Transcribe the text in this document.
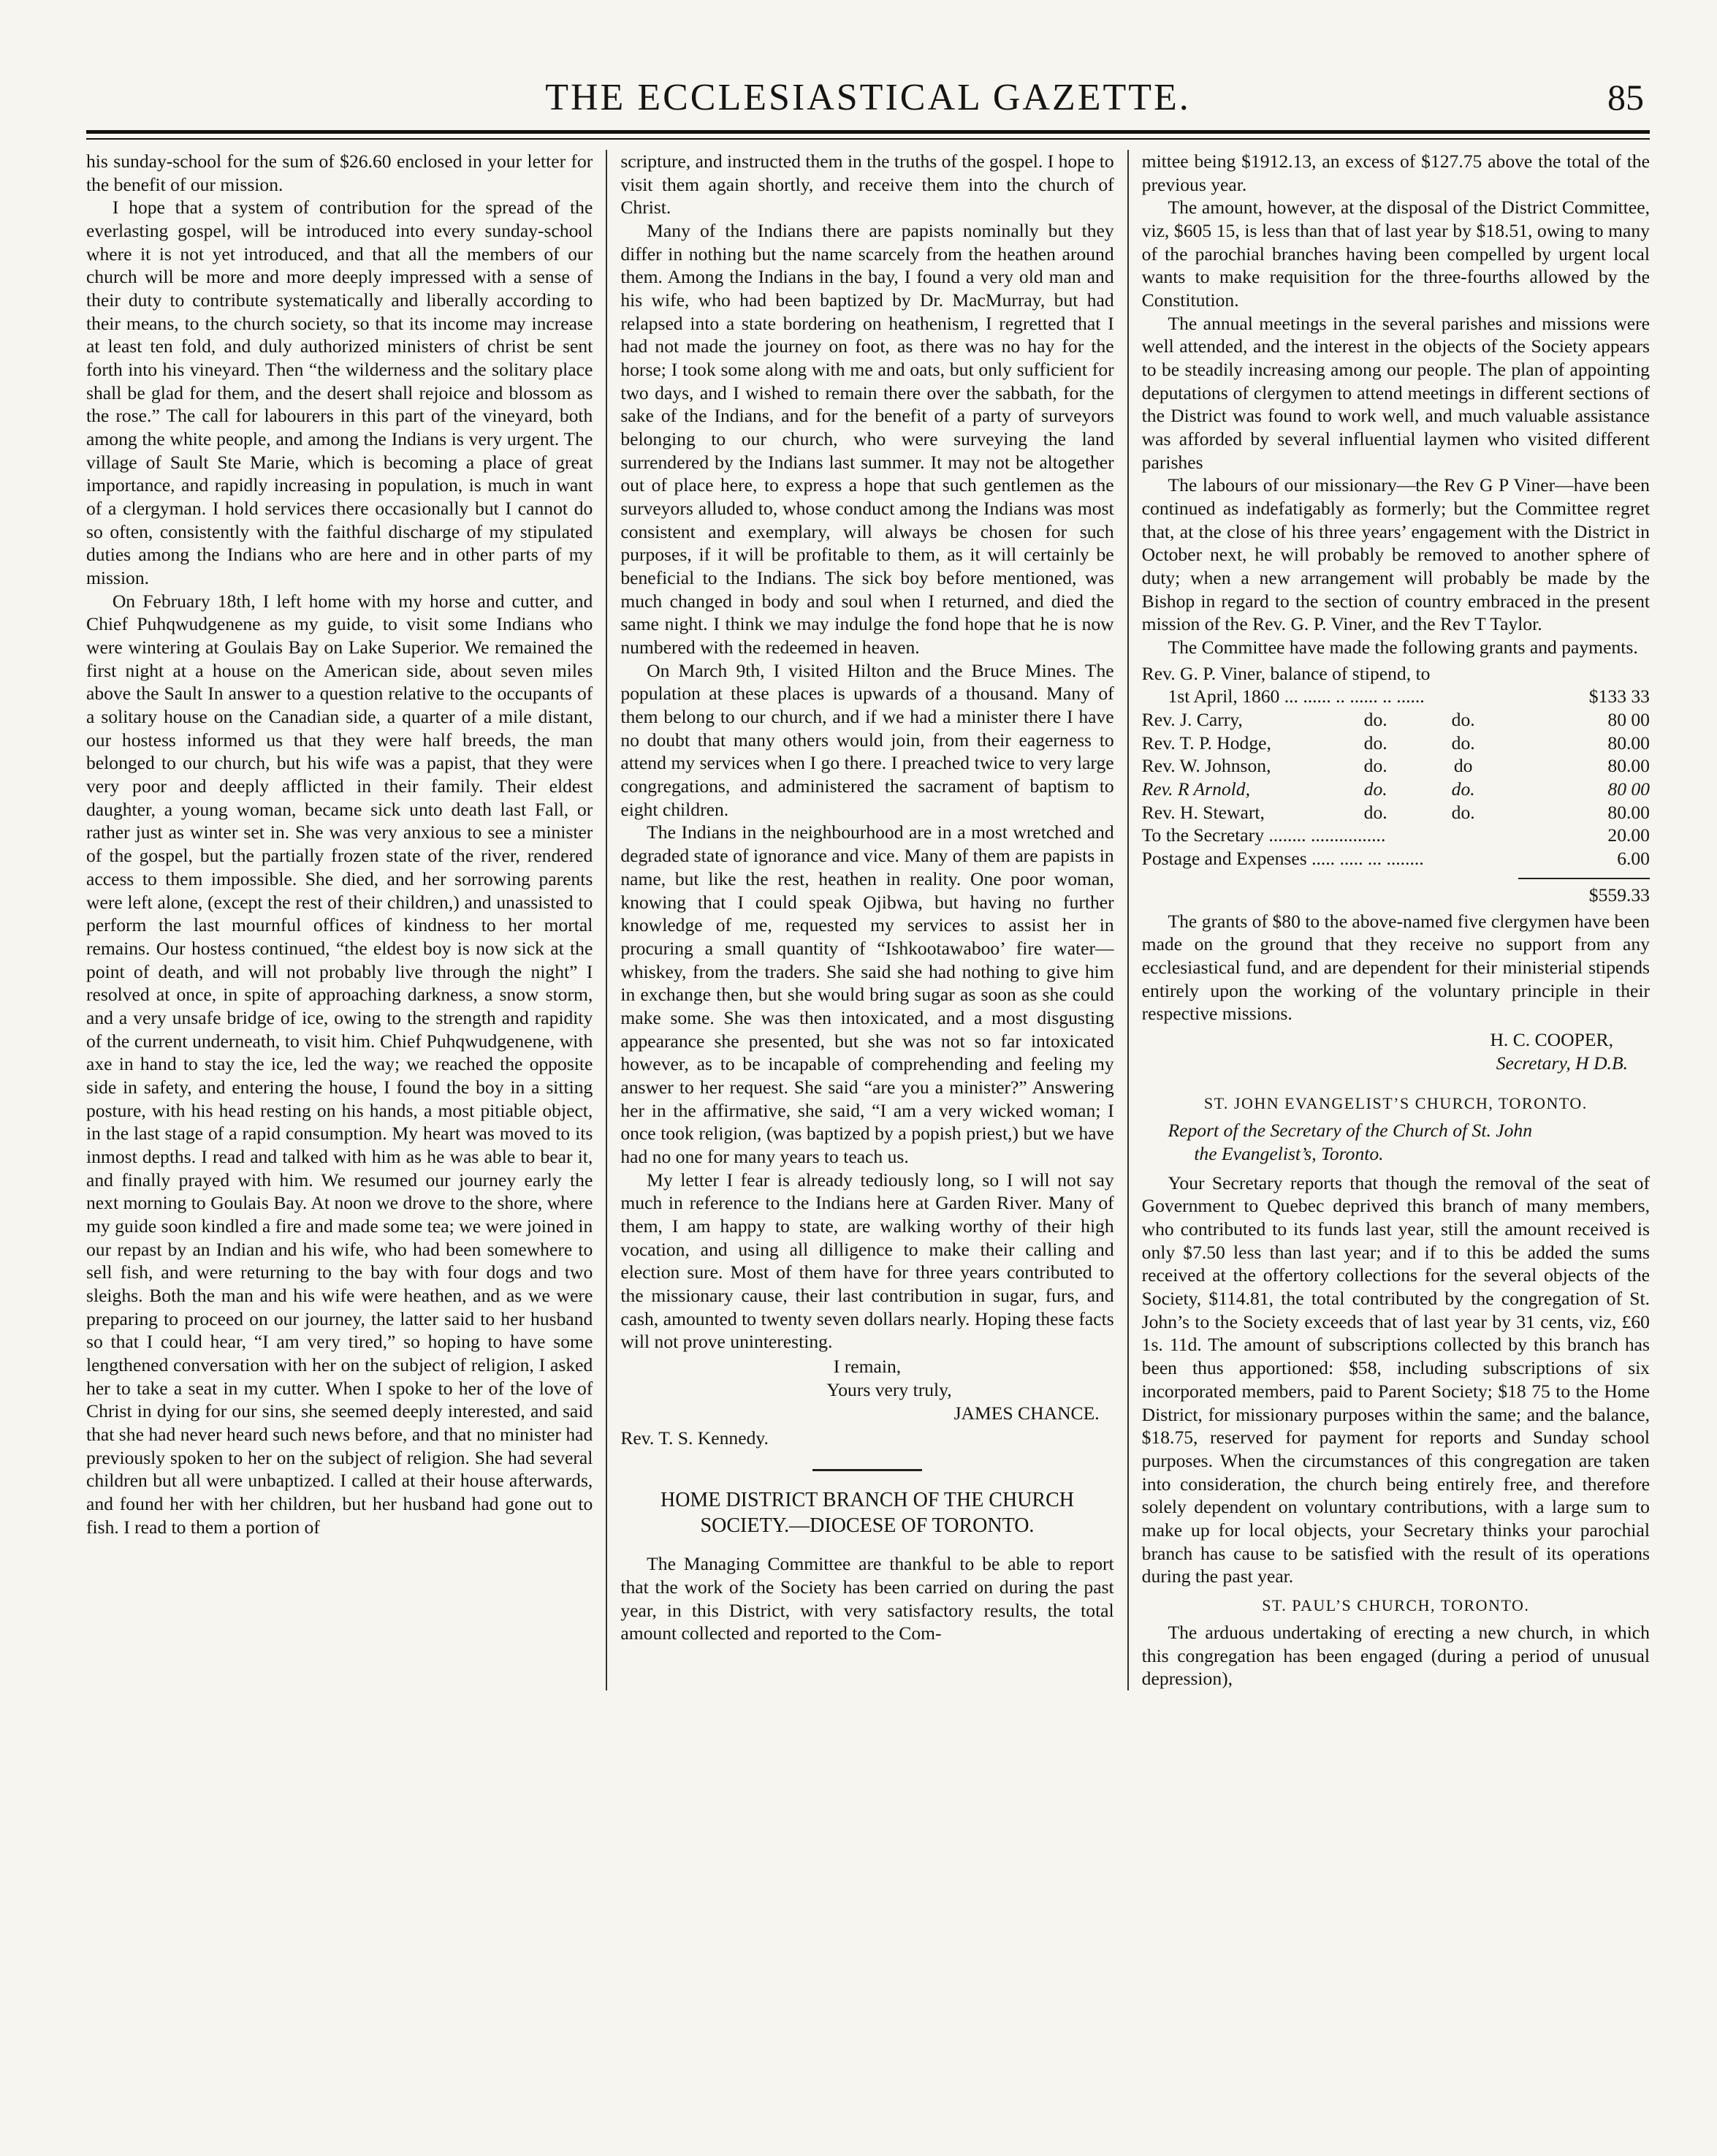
THE ECCLESIASTICAL GAZETTE.	85

his sunday-school for the sum of $26.60 enclosed in your letter for the benefit of our mission.

I hope that a system of contribution for the spread of the everlasting gospel, will be introduced into every sunday-school where it is not yet introduced, and that all the members of our church will be more and more deeply impressed with a sense of their duty to contribute systematically and liberally according to their means, to the church society, so that its income may increase at least ten fold, and duly authorized ministers of christ be sent forth into his vineyard. Then “the wilderness and the solitary place shall be glad for them, and the desert shall rejoice and blossom as the rose.” The call for labourers in this part of the vineyard, both among the white people, and among the Indians is very urgent. The village of Sault Ste Marie, which is becoming a place of great importance, and rapidly increasing in population, is much in want of a clergyman. I hold services there occasionally but I cannot do so often, consistently with the faithful discharge of my stipulated duties among the Indians who are here and in other parts of my mission.

On February 18th, I left home with my horse and cutter, and Chief Puhqwudgenene as my guide, to visit some Indians who were wintering at Goulais Bay on Lake Superior. We remained the first night at a house on the American side, about seven miles above the Sault In answer to a question relative to the occupants of a solitary house on the Canadian side, a quarter of a mile distant, our hostess informed us that they were half breeds, the man belonged to our church, but his wife was a papist, that they were very poor and deeply afflicted in their family. Their eldest daughter, a young woman, became sick unto death last Fall, or rather just as winter set in. She was very anxious to see a minister of the gospel, but the partially frozen state of the river, rendered access to them impossible. She died, and her sorrowing parents were left alone, (except the rest of their children,) and unassisted to perform the last mournful offices of kindness to her mortal remains. Our hostess continued, “the eldest boy is now sick at the point of death, and will not probably live through the night” I resolved at once, in spite of approaching darkness, a snow storm, and a very unsafe bridge of ice, owing to the strength and rapidity of the current underneath, to visit him. Chief Puhqwudgenene, with axe in hand to stay the ice, led the way; we reached the opposite side in safety, and entering the house, I found the boy in a sitting posture, with his head resting on his hands, a most pitiable object, in the last stage of a rapid consumption. My heart was moved to its inmost depths. I read and talked with him as he was able to bear it, and finally prayed with him. We resumed our journey early the next morning to Goulais Bay. At noon we drove to the shore, where my guide soon kindled a fire and made some tea; we were joined in our repast by an Indian and his wife, who had been somewhere to sell fish, and were returning to the bay with four dogs and two sleighs. Both the man and his wife were heathen, and as we were preparing to proceed on our journey, the latter said to her husband so that I could hear, “I am very tired,” so hoping to have some lengthened conversation with her on the subject of religion, I asked her to take a seat in my cutter. When I spoke to her of the love of Christ in dying for our sins, she seemed deeply interested, and said that she had never heard such news before, and that no minister had previously spoken to her on the subject of religion. She had several children but all were unbaptized. I called at their house afterwards, and found her with her children, but her husband had gone out to fish. I read to them a portion of

scripture, and instructed them in the truths of the gospel. I hope to visit them again shortly, and receive them into the church of Christ.

Many of the Indians there are papists nominally but they differ in nothing but the name scarcely from the heathen around them. Among the Indians in the bay, I found a very old man and his wife, who had been baptized by Dr. MacMurray, but had relapsed into a state bordering on heathenism, I regretted that I had not made the journey on foot, as there was no hay for the horse; I took some along with me and oats, but only sufficient for two days, and I wished to remain there over the sabbath, for the sake of the Indians, and for the benefit of a party of surveyors belonging to our church, who were surveying the land surrendered by the Indians last summer. It may not be altogether out of place here, to express a hope that such gentlemen as the surveyors alluded to, whose conduct among the Indians was most consistent and exemplary, will always be chosen for such purposes, if it will be profitable to them, as it will certainly be beneficial to the Indians. The sick boy before mentioned, was much changed in body and soul when I returned, and died the same night. I think we may indulge the fond hope that he is now numbered with the redeemed in heaven.

On March 9th, I visited Hilton and the Bruce Mines. The population at these places is upwards of a thousand. Many of them belong to our church, and if we had a minister there I have no doubt that many others would join, from their eagerness to attend my services when I go there. I preached twice to very large congregations, and administered the sacrament of baptism to eight children.

The Indians in the neighbourhood are in a most wretched and degraded state of ignorance and vice. Many of them are papists in name, but like the rest, heathen in reality. One poor woman, knowing that I could speak Ojibwa, but having no further knowledge of me, requested my services to assist her in procuring a small quantity of “Ishkootawaboo’ fire water—whiskey, from the traders. She said she had nothing to give him in exchange then, but she would bring sugar as soon as she could make some. She was then intoxicated, and a most disgusting appearance she presented, but she was not so far intoxicated however, as to be incapable of comprehending and feeling my answer to her request. She said “are you a minister?” Answering her in the affirmative, she said, “I am a very wicked woman; I once took religion, (was baptized by a popish priest,) but we have had no one for many years to teach us.

My letter I fear is already tediously long, so I will not say much in reference to the Indians here at Garden River. Many of them, I am happy to state, are walking worthy of their high vocation, and using all dilligence to make their calling and election sure. Most of them have for three years contributed to the missionary cause, their last contribution in sugar, furs, and cash, amounted to twenty seven dollars nearly. Hoping these facts will not prove uninteresting.

I remain,
Yours very truly,
JAMES CHANCE.
Rev. T. S. Kennedy.
HOME DISTRICT BRANCH OF THE CHURCH SOCIETY.—DIOCESE OF TORONTO.

The Managing Committee are thankful to be able to report that the work of the Society has been carried on during the past year, in this District, with very satisfactory results, the total amount collected and reported to the Com-

mittee being $1912.13, an excess of $127.75 above the total of the previous year.

The amount, however, at the disposal of the District Committee, viz, $605 15, is less than that of last year by $18.51, owing to many of the parochial branches having been compelled by urgent local wants to make requisition for the three-fourths allowed by the Constitution.

The annual meetings in the several parishes and missions were well attended, and the interest in the objects of the Society appears to be steadily increasing among our people. The plan of appointing deputations of clergymen to attend meetings in different sections of the District was found to work well, and much valuable assistance was afforded by several influential laymen who visited different parishes

The labours of our missionary—the Rev G P Viner—have been continued as indefatigably as formerly; but the Committee regret that, at the close of his three years’ engagement with the District in October next, he will probably be removed to another sphere of duty; when a new arrangement will probably be made by the Bishop in regard to the section of country embraced in the present mission of the Rev. G. P. Viner, and the Rev T Taylor.

The Committee have made the following grants and payments.

Rev. G. P. Viner, balance of stipend, to
1st April, 1860 ... ...... .. ...... .. ......	$133 33
Rev. J. Carry,	do.	do.	80 00
Rev. T. P. Hodge,	do.	do.	80.00
Rev. W. Johnson,	do.	do	80.00
Rev. R Arnold,	do.	do.	80 00
Rev. H. Stewart,	do.	do.	80.00
To the Secretary ........ ................	20.00
Postage and Expenses ..... ..... ... ........	6.00
$559.33

The grants of $80 to the above-named five clergymen have been made on the ground that they receive no support from any ecclesiastical fund, and are dependent for their ministerial stipends entirely upon the working of the voluntary principle in their respective missions.

H. C. COOPER,
Secretary, H D.B.
ST. JOHN EVANGELIST’S CHURCH, TORONTO.
Report of the Secretary of the Church of St. John
the Evangelist’s, Toronto.

Your Secretary reports that though the removal of the seat of Government to Quebec deprived this branch of many members, who contributed to its funds last year, still the amount received is only $7.50 less than last year; and if to this be added the sums received at the offertory collections for the several objects of the Society, $114.81, the total contributed by the congregation of St. John’s to the Society exceeds that of last year by 31 cents, viz, £60 1s. 11d. The amount of subscriptions collected by this branch has been thus apportioned: $58, including subscriptions of six incorporated members, paid to Parent Society; $18 75 to the Home District, for missionary purposes within the same; and the balance, $18.75, reserved for payment for reports and Sunday school purposes. When the circumstances of this congregation are taken into consideration, the church being entirely free, and therefore solely dependent on voluntary contributions, with a large sum to make up for local objects, your Secretary thinks your parochial branch has cause to be satisfied with the result of its operations during the past year.

ST. PAUL’S CHURCH, TORONTO.

The arduous undertaking of erecting a new church, in which this congregation has been engaged (during a period of unusual depression),
